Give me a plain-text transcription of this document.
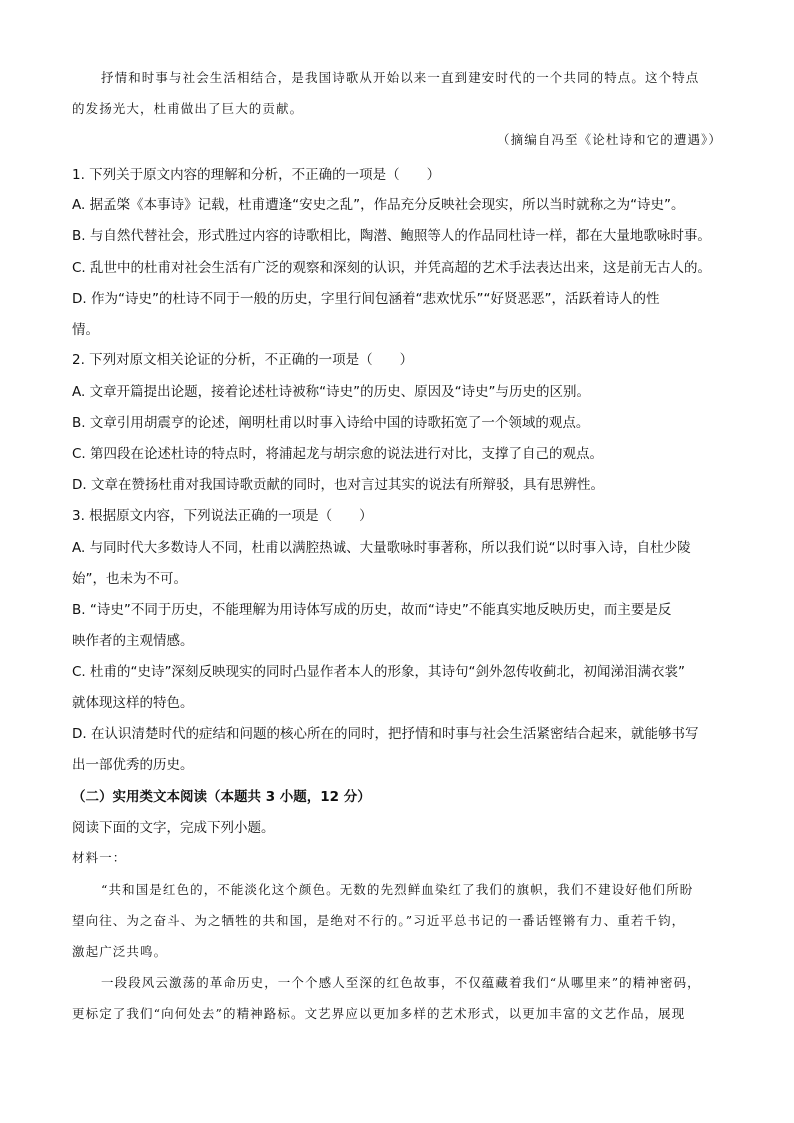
抒情和时事与社会生活相结合，是我国诗歌从开始以来一直到建安时代的一个共同的特点。这个特点
的发扬光大，杜甫做出了巨大的贡献。
（摘编自冯至《论杜诗和它的遭遇》）
1. 下列关于原文内容的理解和分析，不正确的一项是（　　）
A. 据孟棨《本事诗》记载，杜甫遭逢“安史之乱”，作品充分反映社会现实，所以当时就称之为“诗史”。
B. 与自然代替社会，形式胜过内容的诗歌相比，陶潜、鲍照等人的作品同杜诗一样，都在大量地歌咏时事。
C. 乱世中的杜甫对社会生活有广泛的观察和深刻的认识，并凭高超的艺术手法表达出来，这是前无古人的。
D. 作为“诗史”的杜诗不同于一般的历史，字里行间包涵着“悲欢忧乐”“好贤恶恶”，活跃着诗人的性
情。
2. 下列对原文相关论证的分析，不正确的一项是（　　）
A. 文章开篇提出论题，接着论述杜诗被称“诗史”的历史、原因及“诗史”与历史的区别。
B. 文章引用胡震亨的论述，阐明杜甫以时事入诗给中国的诗歌拓宽了一个领域的观点。
C. 第四段在论述杜诗的特点时，将浦起龙与胡宗愈的说法进行对比，支撑了自己的观点。
D. 文章在赞扬杜甫对我国诗歌贡献的同时，也对言过其实的说法有所辩驳，具有思辨性。
3. 根据原文内容，下列说法正确的一项是（　　）
A. 与同时代大多数诗人不同，杜甫以满腔热诚、大量歌咏时事著称，所以我们说“以时事入诗，自杜少陵
始”，也未为不可。
B. “诗史”不同于历史，不能理解为用诗体写成的历史，故而“诗史”不能真实地反映历史，而主要是反
映作者的主观情感。
C. 杜甫的“史诗”深刻反映现实的同时凸显作者本人的形象，其诗句“剑外忽传收蓟北，初闻涕泪满衣裳”
就体现这样的特色。
D. 在认识清楚时代的症结和问题的核心所在的同时，把抒情和时事与社会生活紧密结合起来，就能够书写
出一部优秀的历史。
（二）实用类文本阅读（本题共 3 小题，12 分）
阅读下面的文字，完成下列小题。
材料一：
“共和国是红色的，不能淡化这个颜色。无数的先烈鲜血染红了我们的旗帜，我们不建设好他们所盼
望向往、为之奋斗、为之牺牲的共和国，是绝对不行的。”习近平总书记的一番话铿锵有力、重若千钧，
激起广泛共鸣。
一段段风云激荡的革命历史，一个个感人至深的红色故事，不仅蕴藏着我们“从哪里来”的精神密码，
更标定了我们“向何处去”的精神路标。文艺界应以更加多样的艺术形式，以更加丰富的文艺作品，展现
